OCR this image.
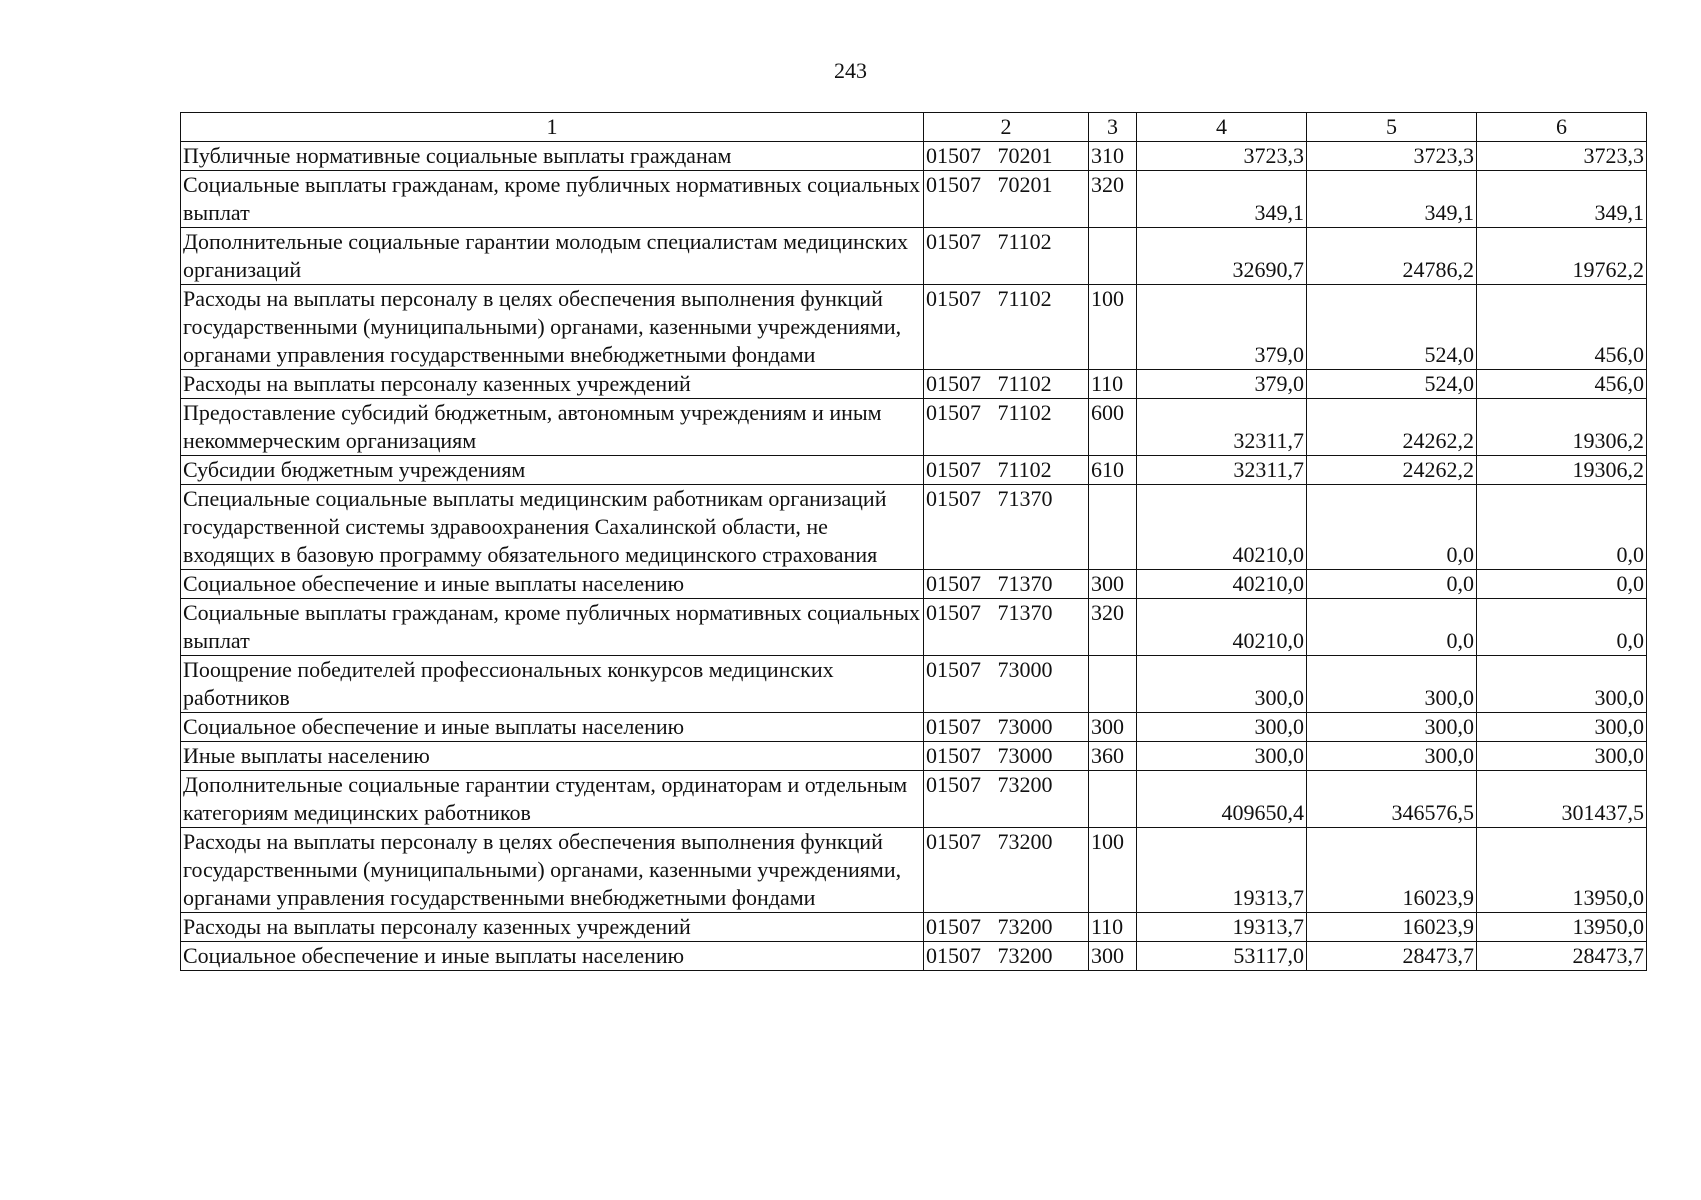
243
1	2	3	4	5	6
Публичные нормативные социальные выплаты гражданам	01507   70201	310	3723,3	3723,3	3723,3
Социальные выплаты гражданам, кроме публичных нормативных социальных выплат	01507   70201	320	349,1	349,1	349,1
Дополнительные социальные гарантии молодым специалистам медицинских организаций	01507   71102		32690,7	24786,2	19762,2
Расходы на выплаты персоналу в целях обеспечения выполнения функций государственными (муниципальными) органами, казенными учреждениями, органами управления государственными внебюджетными фондами	01507   71102	100	379,0	524,0	456,0
Расходы на выплаты персоналу казенных учреждений	01507   71102	110	379,0	524,0	456,0
Предоставление субсидий бюджетным, автономным учреждениям и иным некоммерческим организациям	01507   71102	600	32311,7	24262,2	19306,2
Субсидии бюджетным учреждениям	01507   71102	610	32311,7	24262,2	19306,2
Специальные социальные выплаты медицинским работникам организаций государственной системы здравоохранения Сахалинской области, не входящих в базовую программу обязательного медицинского страхования	01507   71370		40210,0	0,0	0,0
Социальное обеспечение и иные выплаты населению	01507   71370	300	40210,0	0,0	0,0
Социальные выплаты гражданам, кроме публичных нормативных социальных выплат	01507   71370	320	40210,0	0,0	0,0
Поощрение победителей профессиональных конкурсов медицинских работников	01507   73000		300,0	300,0	300,0
Социальное обеспечение и иные выплаты населению	01507   73000	300	300,0	300,0	300,0
Иные выплаты населению	01507   73000	360	300,0	300,0	300,0
Дополнительные социальные гарантии студентам, ординаторам и отдельным категориям медицинских работников	01507   73200		409650,4	346576,5	301437,5
Расходы на выплаты персоналу в целях обеспечения выполнения функций государственными (муниципальными) органами, казенными учреждениями, органами управления государственными внебюджетными фондами	01507   73200	100	19313,7	16023,9	13950,0
Расходы на выплаты персоналу казенных учреждений	01507   73200	110	19313,7	16023,9	13950,0
Социальное обеспечение и иные выплаты населению	01507   73200	300	53117,0	28473,7	28473,7
